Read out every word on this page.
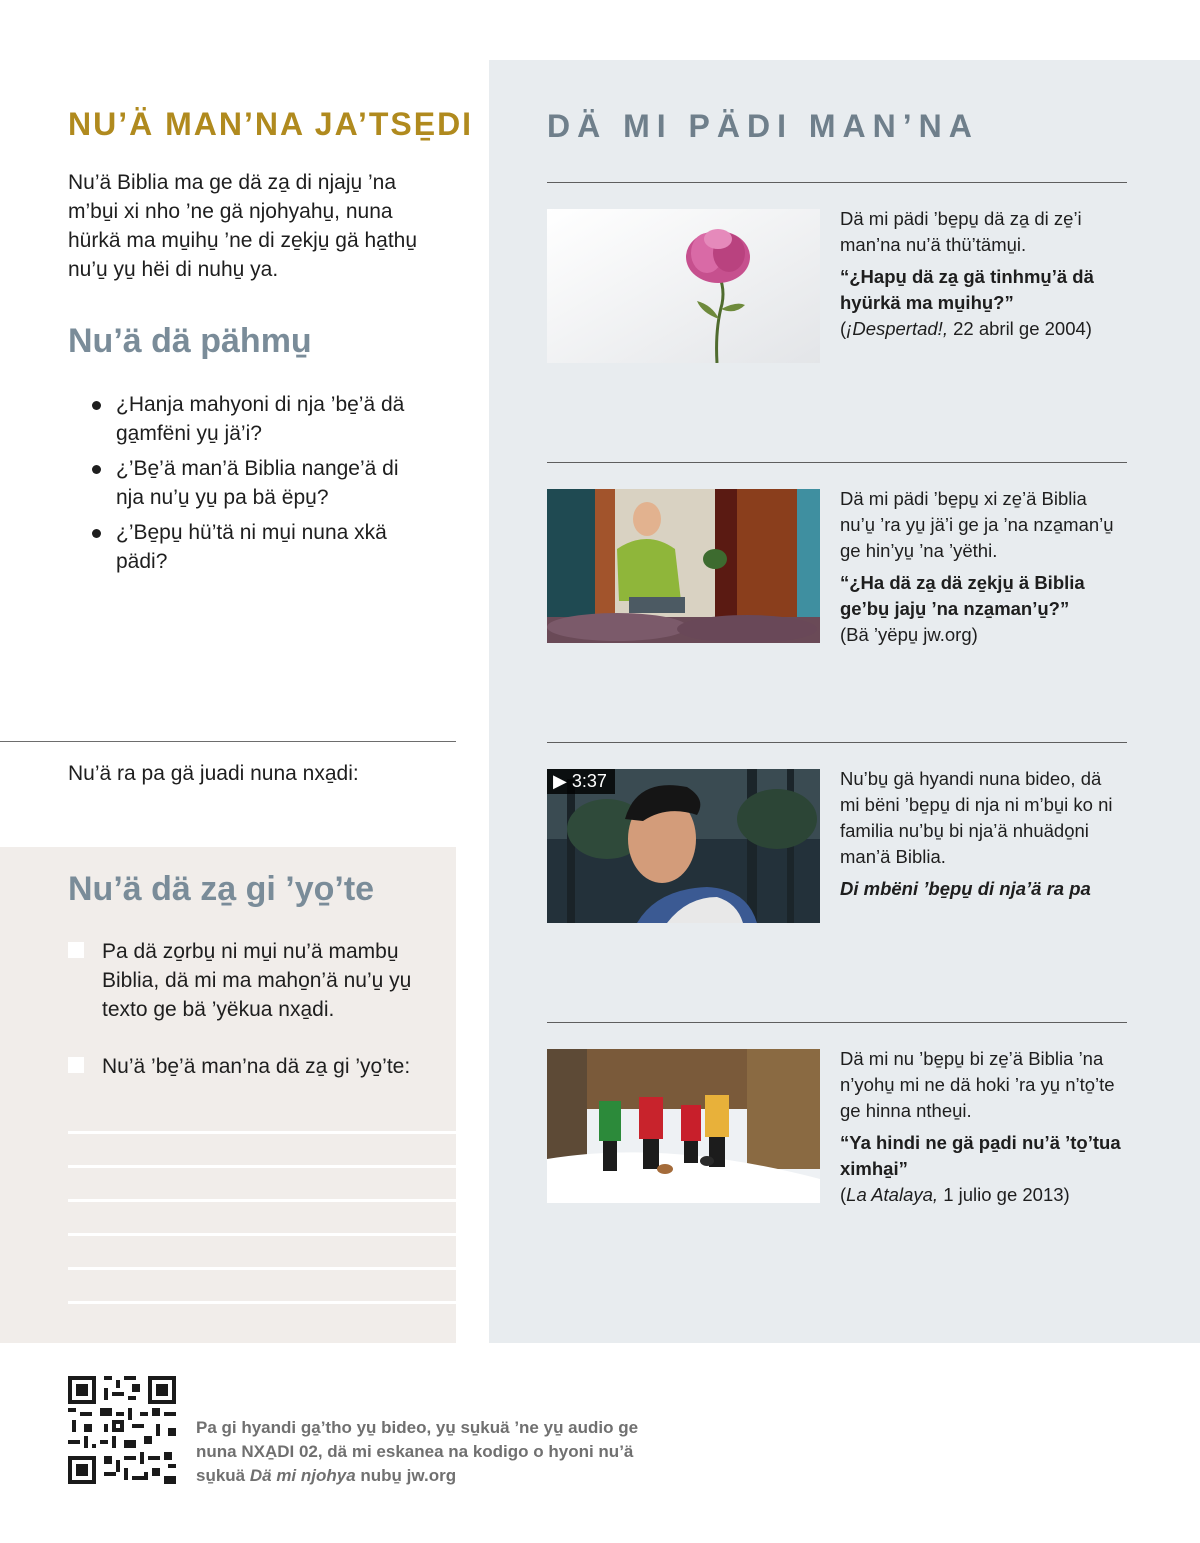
NU’Ä MAN’NA JA’TSE̱DI
Nu’ä Biblia ma ge dä za̱ di njaju̱ ’na m’bu̱i xi nho ’ne gä njohyahu̱, nuna hürkä ma mu̱ihu̱ ’ne di ze̱kju̱ gä ha̱thu̱ nu’u̱ yu̱ hëi di nuhu̱ ya.
Nu’ä dä pähmu̱
¿Hanja mahyoni di nja ’be̱’ä dä ga̱mfëni yu̱ jä’i?
¿’Be̱’ä man’ä Biblia nange’ä di nja nu’u̱ yu̱ pa bä ëpu̱?
¿’Be̱pu̱ hü’tä ni mu̱i nuna xkä pädi?
Nu’ä ra pa gä juadi nuna nxa̱di:
Nu’ä dä za̱ gi ’yo̱’te
Pa dä zo̱rbu̱ ni mu̱i nu’ä mambu̱ Biblia, dä mi ma maho̱n’ä nu’u̱ yu̱ texto ge bä ’yëkua nxa̱di.
Nu’ä ’be̱’ä man’na dä za̱ gi ’yo̱’te:
DÄ MI PÄDI MAN’NA
Dä mi pädi ’be̱pu̱ dä za̱ di ze̱’i man’na nu’ä thü’tämu̱i.
“¿Hapu̱ dä za̱ gä tinhmu̱’ä dä hyürkä ma mu̱ihu̱?”
(¡Despertad!, 22 abril ge 2004)
Dä mi pädi ’be̱pu̱ xi ze̱’ä Biblia nu’u̱ ’ra yu̱ jä’i ge ja ’na nza̱man’u̱ ge hin’yu̱ ’na ’yëthi.
“¿Ha dä za̱ dä ze̱kju̱ ä Biblia ge’bu̱ jaju̱ ’na nza̱man’u̱?”
(Bä ’yëpu̱ jw.org)
▶ 3:37	Nu’bu̱ gä hyandi nuna bideo, dä mi bëni ’be̱pu̱ di nja ni m’bu̱i ko ni familia nu’bu̱ bi nja’ä nhuädo̱ni man’ä Biblia.
Di mbëni ’be̱pu̱ di nja’ä ra pa
Dä mi nu ’be̱pu̱ bi ze̱’ä Biblia ’na n’yohu̱ mi ne dä hoki ’ra yu̱ n’to̱’te ge hinna ntheu̱i.
“Ya hindi ne gä pa̱di nu’ä ’to̱’tua ximha̱i”
(La Atalaya, 1 julio ge 2013)
Pa gi hyandi ga̱’tho yu̱ bideo, yu̱ su̱kuä ’ne yu̱ audio ge nuna NXA̱DI 02, dä mi eskanea na kodigo o hyoni nu’ä su̱kuä Dä mi njohya nubu̱ jw.org
